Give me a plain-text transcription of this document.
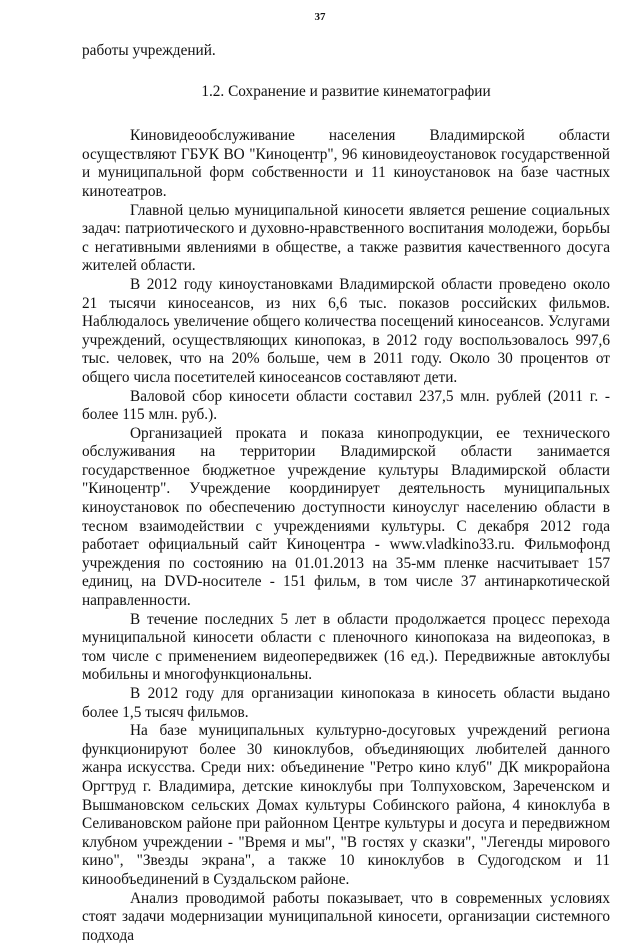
37

работы учреждений.

1.2. Сохранение и развитие кинематографии

Киновидеообслуживание населения Владимирской области осуществляют ГБУК ВО "Киноцентр", 96 киновидеоустановок государственной и муниципальной форм собственности и 11 киноустановок на базе частных кинотеатров.

Главной целью муниципальной киносети является решение социальных задач: патриотического и духовно-нравственного воспитания молодежи, борьбы с негативными явлениями в обществе, а также развития качественного досуга жителей области.

В 2012 году киноустановками Владимирской области проведено около 21 тысячи киносеансов, из них 6,6 тыс. показов российских фильмов. Наблюдалось увеличение общего количества посещений киносеансов. Услугами учреждений, осуществляющих кинопоказ, в 2012 году воспользовалось 997,6 тыс. человек, что на 20% больше, чем в 2011 году. Около 30 процентов от общего числа посетителей киносеансов составляют дети.

Валовой сбор киносети области составил 237,5 млн. рублей (2011 г. - более 115 млн. руб.).

Организацией проката и показа кинопродукции, ее технического обслуживания на территории Владимирской области занимается государственное бюджетное учреждение культуры Владимирской области "Киноцентр". Учреждение координирует деятельность муниципальных киноустановок по обеспечению доступности киноуслуг населению области в тесном взаимодействии с учреждениями культуры. С декабря 2012 года работает официальный сайт Киноцентра - www.vladkino33.ru. Фильмофонд учреждения по состоянию на 01.01.2013 на 35-мм пленке насчитывает 157 единиц, на DVD-носителе - 151 фильм, в том числе 37 антинаркотической направленности.

В течение последних 5 лет в области продолжается процесс перехода муниципальной киносети области с пленочного кинопоказа на видеопоказ, в том числе с применением видеопередвижек (16 ед.). Передвижные автоклубы мобильны и многофункциональны.

В 2012 году для организации кинопоказа в киносеть области выдано более 1,5 тысяч фильмов.

На базе муниципальных культурно-досуговых учреждений региона функционируют более 30 киноклубов, объединяющих любителей данного жанра искусства. Среди них: объединение "Ретро кино клуб" ДК микрорайона Оргтруд г. Владимира, детские киноклубы при Толпуховском, Зареченском и Вышмановском сельских Домах культуры Собинского района, 4 киноклуба в Селивановском районе при районном Центре культуры и досуга и передвижном клубном учреждении - "Время и мы", "В гостях у сказки", "Легенды мирового кино", "Звезды экрана", а также 10 киноклубов в Судогодском и 11 кинообъединений в Суздальском районе.

Анализ проводимой работы показывает, что в современных условиях стоят задачи модернизации муниципальной киносети, организации системного подхода
